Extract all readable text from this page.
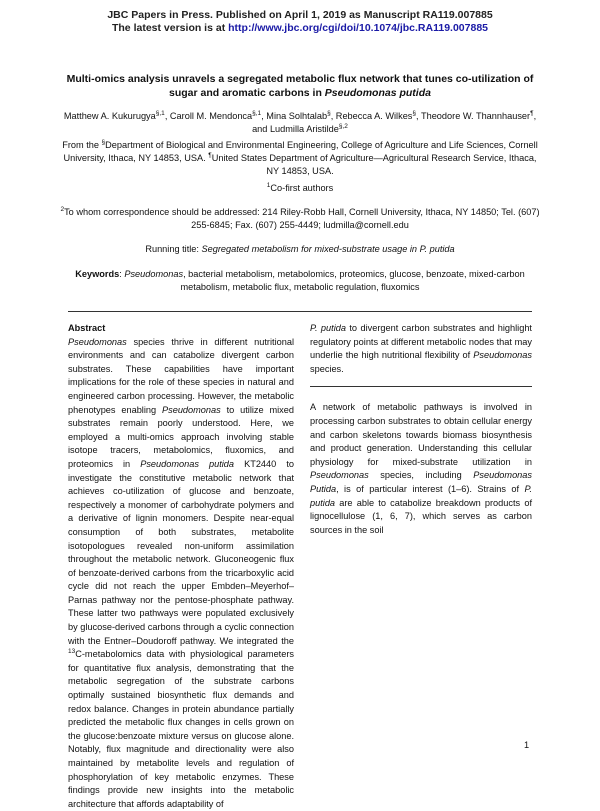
JBC Papers in Press. Published on April 1, 2019 as Manuscript RA119.007885
The latest version is at http://www.jbc.org/cgi/doi/10.1074/jbc.RA119.007885
Multi-omics analysis unravels a segregated metabolic flux network that tunes co-utilization of sugar and aromatic carbons in Pseudomonas putida
Matthew A. Kukurugya$^{\S,1}$, Caroll M. Mendonca$^{\S,1}$, Mina Solhtalab§, Rebecca A. Wilkes§, Theodore W. Thannhauser¶, and Ludmilla Aristilde$^{\S,2}$
From the §Department of Biological and Environmental Engineering, College of Agriculture and Life Sciences, Cornell University, Ithaca, NY 14853, USA. ¶United States Department of Agriculture—Agricultural Research Service, Ithaca, NY 14853, USA.
$^1$Co-first authors
$^2$To whom correspondence should be addressed: 214 Riley-Robb Hall, Cornell University, Ithaca, NY 14850; Tel. (607) 255-6845; Fax. (607) 255-4449; ludmilla@cornell.edu
Running title: Segregated metabolism for mixed-substrate usage in P. putida
Keywords: Pseudomonas, bacterial metabolism, metabolomics, proteomics, glucose, benzoate, mixed-carbon metabolism, metabolic flux, metabolic regulation, fluxomics
Abstract
Pseudomonas species thrive in different nutritional environments and can catabolize divergent carbon substrates. These capabilities have important implications for the role of these species in natural and engineered carbon processing. However, the metabolic phenotypes enabling Pseudomonas to utilize mixed substrates remain poorly understood. Here, we employed a multi-omics approach involving stable isotope tracers, metabolomics, fluxomics, and proteomics in Pseudomonas putida KT2440 to investigate the constitutive metabolic network that achieves co-utilization of glucose and benzoate, respectively a monomer of carbohydrate polymers and a derivative of lignin monomers. Despite near-equal consumption of both substrates, metabolite isotopologues revealed non-uniform assimilation throughout the metabolic network. Gluconeogenic flux of benzoate-derived carbons from the tricarboxylic acid cycle did not reach the upper Embden–Meyerhof–Parnas pathway nor the pentose-phosphate pathway. These latter two pathways were populated exclusively by glucose-derived carbons through a cyclic connection with the Entner–Doudoroff pathway. We integrated the $^{13}$C-metabolomics data with physiological parameters for quantitative flux analysis, demonstrating that the metabolic segregation of the substrate carbons optimally sustained biosynthetic flux demands and redox balance. Changes in protein abundance partially predicted the metabolic flux changes in cells grown on the glucose:benzoate mixture versus on glucose alone. Notably, flux magnitude and directionality were also maintained by metabolite levels and regulation of phosphorylation of key metabolic enzymes. These findings provide new insights into the metabolic architecture that affords adaptability of
P. putida to divergent carbon substrates and highlight regulatory points at different metabolic nodes that may underlie the high nutritional flexibility of Pseudomonas species.
A network of metabolic pathways is involved in processing carbon substrates to obtain cellular energy and carbon skeletons towards biomass biosynthesis and product generation. Understanding this cellular physiology for mixed-substrate utilization in Pseudomonas species, including Pseudomonas Putida, is of particular interest (1–6). Strains of P. putida are able to catabolize breakdown products of lignocellulose (1, 6, 7), which serves as carbon sources in the soil
1
